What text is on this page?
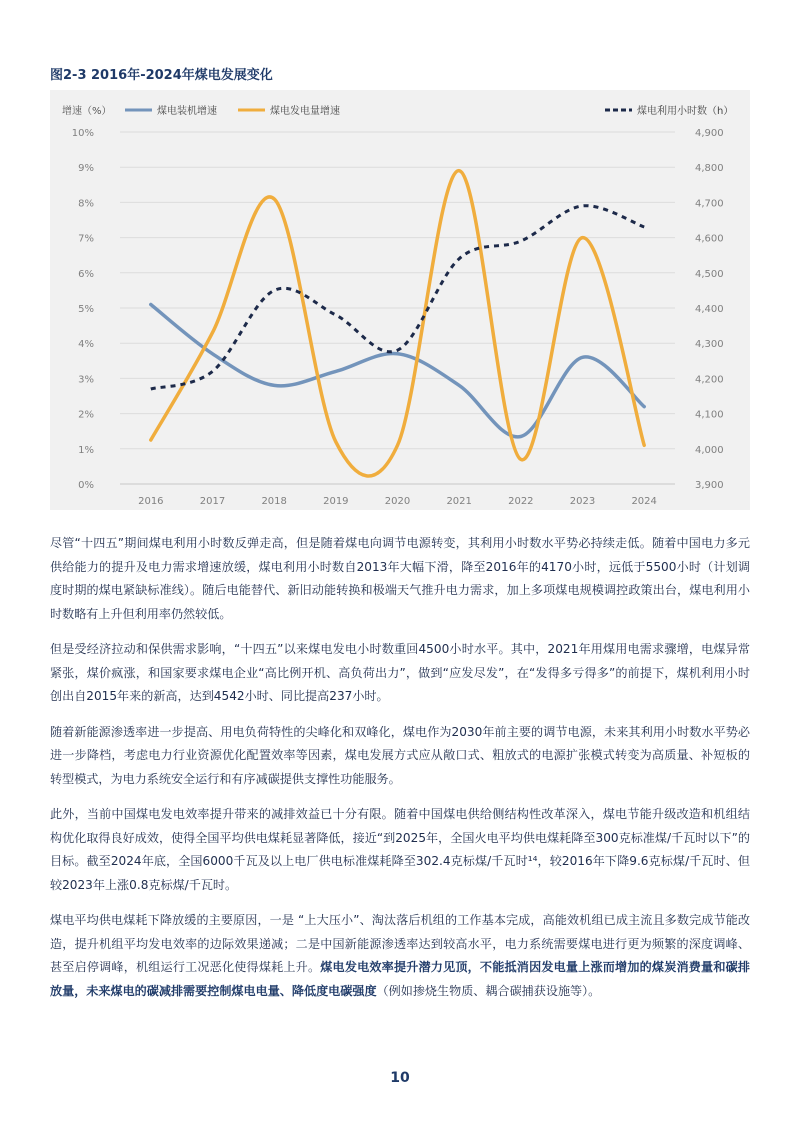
图2-3 2016年-2024年煤电发展变化
0%	3,900
1%	4,000
2%	4,100
3%	4,200
4%	4,300
5%	4,400
6%	4,500
7%	4,600
8%	4,700
9%	4,800
10%	4,900
2016	2017	2018	2019	2020	2021	2022	2023	2024
增速（%）	煤电装机增速	煤电发电量增速	煤电利用小时数（h）

尽管“十四五”期间煤电利用小时数反弹走高，但是随着煤电向调节电源转变，其利用小时数水平势必持续走低。随着中国电力多元供给能力的提升及电力需求增速放缓，煤电利用小时数自2013年大幅下滑，降至2016年的4170小时，远低于5500小时（计划调度时期的煤电紧缺标准线）。随后电能替代、新旧动能转换和极端天气推升电力需求，加上多项煤电规模调控政策出台，煤电利用小时数略有上升但利用率仍然较低。

但是受经济拉动和保供需求影响，“十四五”以来煤电发电小时数重回4500小时水平。其中，2021年用煤用电需求骤增，电煤异常紧张，煤价疯涨，和国家要求煤电企业“高比例开机、高负荷出力”，做到“应发尽发”，在“发得多亏得多”的前提下，煤机利用小时创出自2015年来的新高，达到4542小时、同比提高237小时。

随着新能源渗透率进一步提高、用电负荷特性的尖峰化和双峰化，煤电作为2030年前主要的调节电源，未来其利用小时数水平势必进一步降档，考虑电力行业资源优化配置效率等因素，煤电发展方式应从敞口式、粗放式的电源扩张模式转变为高质量、补短板的转型模式，为电力系统安全运行和有序减碳提供支撑性功能服务。

此外，当前中国煤电发电效率提升带来的减排效益已十分有限。随着中国煤电供给侧结构性改革深入，煤电节能升级改造和机组结构优化取得良好成效，使得全国平均供电煤耗显著降低，接近“到2025年，全国火电平均供电煤耗降至300克标准煤/千瓦时以下”的目标。截至2024年底，全国6000千瓦及以上电厂供电标准煤耗降至302.4克标煤/千瓦时¹⁴，较2016年下降9.6克标煤/千瓦时、但较2023年上涨0.8克标煤/千瓦时。

煤电平均供电煤耗下降放缓的主要原因，一是 “上大压小”、淘汰落后机组的工作基本完成，高能效机组已成主流且多数完成节能改造，提升机组平均发电效率的边际效果递减；二是中国新能源渗透率达到较高水平，电力系统需要煤电进行更为频繁的深度调峰、甚至启停调峰，机组运行工况恶化使得煤耗上升。煤电发电效率提升潜力见顶，不能抵消因发电量上涨而增加的煤炭消费量和碳排放量，未来煤电的碳减排需要控制煤电电量、降低度电碳强度（例如掺烧生物质、耦合碳捕获设施等）。

10
